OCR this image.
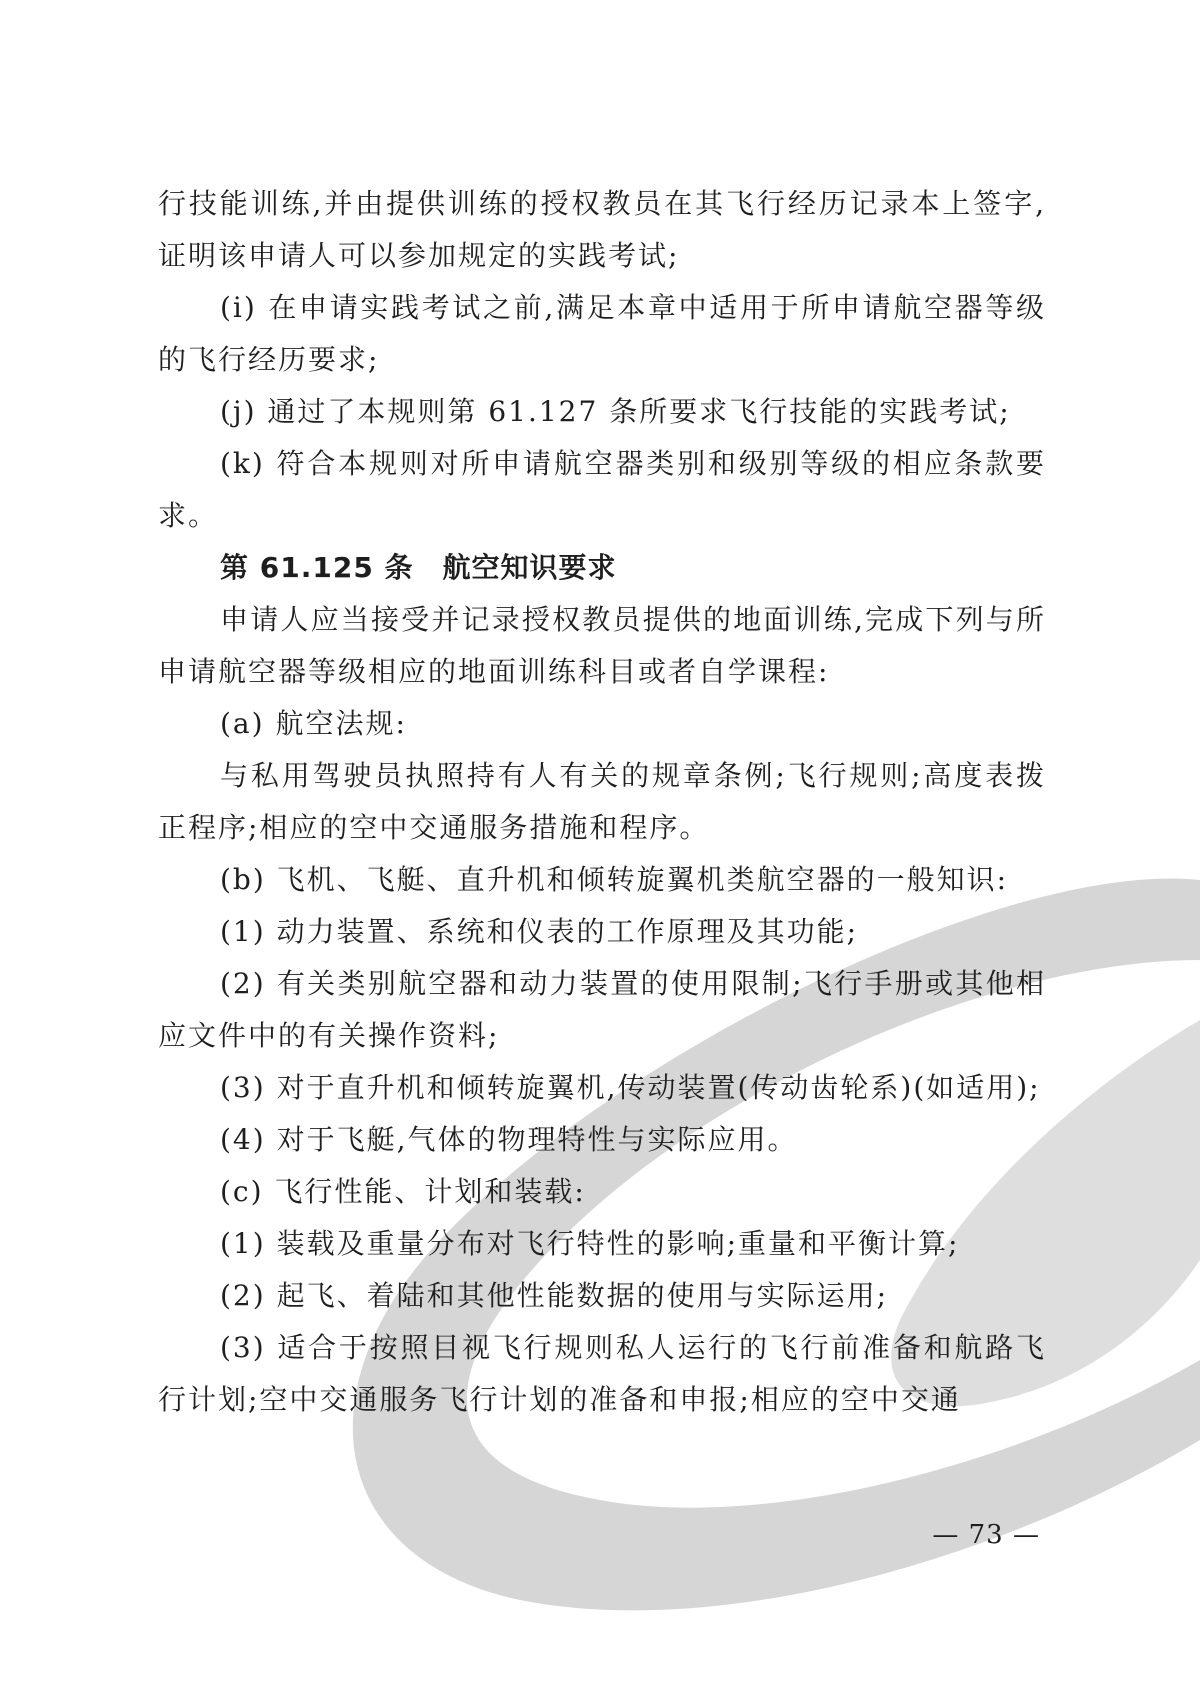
行技能训练,并由提供训练的授权教员在其飞行经历记录本上签字,证明该申请人可以参加规定的实践考试;

(i) 在申请实践考试之前,满足本章中适用于所申请航空器等级的飞行经历要求;

(j) 通过了本规则第 61.127 条所要求飞行技能的实践考试;

(k) 符合本规则对所申请航空器类别和级别等级的相应条款要求。

第 61.125 条　航空知识要求

申请人应当接受并记录授权教员提供的地面训练,完成下列与所申请航空器等级相应的地面训练科目或者自学课程:

(a) 航空法规:

与私用驾驶员执照持有人有关的规章条例;飞行规则;高度表拨正程序;相应的空中交通服务措施和程序。

(b) 飞机、飞艇、直升机和倾转旋翼机类航空器的一般知识:

(1) 动力装置、系统和仪表的工作原理及其功能;

(2) 有关类别航空器和动力装置的使用限制;飞行手册或其他相应文件中的有关操作资料;

(3) 对于直升机和倾转旋翼机,传动装置(传动齿轮系)(如适用);

(4) 对于飞艇,气体的物理特性与实际应用。

(c) 飞行性能、计划和装载:

(1) 装载及重量分布对飞行特性的影响;重量和平衡计算;

(2) 起飞、着陆和其他性能数据的使用与实际运用;

(3) 适合于按照目视飞行规则私人运行的飞行前准备和航路飞行计划;空中交通服务飞行计划的准备和申报;相应的空中交通

— 73 —
